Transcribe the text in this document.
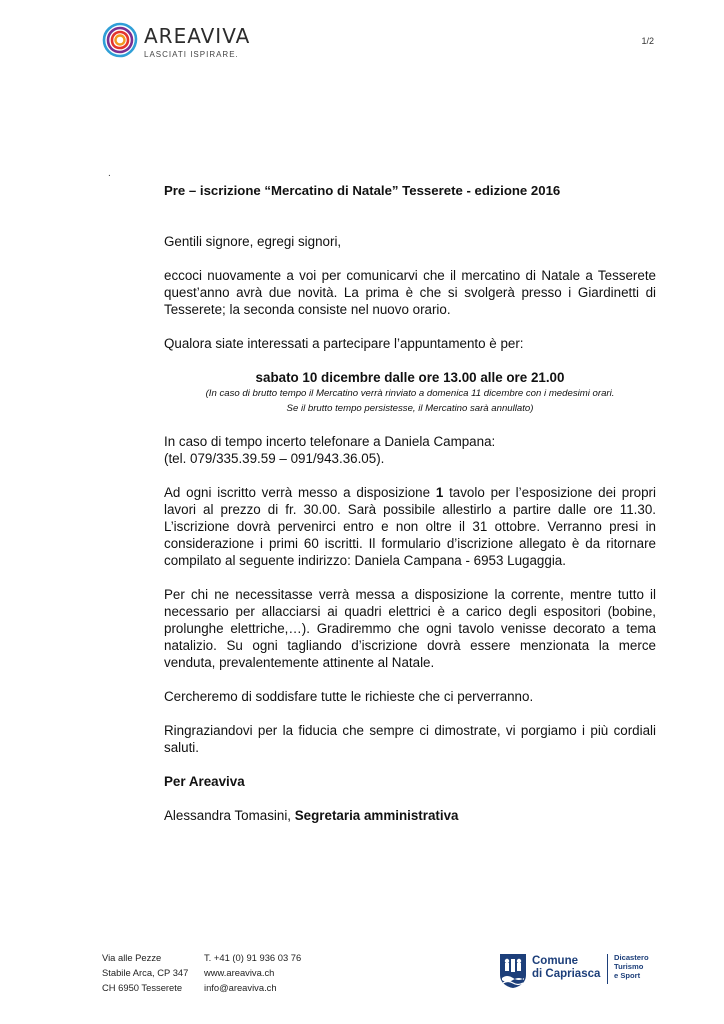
AREAVIVA
LASCIATI ISPIRARE.
1/2
.

Pre – iscrizione “Mercatino di Natale” Tesserete - edizione 2016

Gentili signore, egregi signori,

eccoci nuovamente a voi per comunicarvi che il mercatino di Natale a Tesserete quest’anno avrà due novità. La prima è che si svolgerà presso i Giardinetti di Tesserete; la seconda consiste nel nuovo orario.

Qualora siate interessati a partecipare l’appuntamento è per:

sabato 10 dicembre dalle ore 13.00 alle ore 21.00

(In caso di brutto tempo il Mercatino verrà rinviato a domenica 11 dicembre con i medesimi orari.

Se il brutto tempo persistesse, il Mercatino sarà annullato)

In caso di tempo incerto telefonare a Daniela Campana:

(tel. 079/335.39.59 – 091/943.36.05).

Ad ogni iscritto verrà messo a disposizione 1 tavolo per l’esposizione dei propri lavori al prezzo di fr. 30.00. Sarà possibile allestirlo a partire dalle ore 11.30. L’iscrizione dovrà pervenirci entro e non oltre il 31 ottobre. Verranno presi in considerazione i primi 60 iscritti. Il formulario d’iscrizione allegato è da ritornare compilato al seguente indirizzo: Daniela Campana - 6953 Lugaggia.

Per chi ne necessitasse verrà messa a disposizione la corrente, mentre tutto il necessario per allacciarsi ai quadri elettrici è a carico degli espositori (bobine, prolunghe elettriche,…). Gradiremmo che ogni tavolo venisse decorato a tema natalizio. Su ogni tagliando d’iscrizione dovrà essere menzionata la merce venduta, prevalentemente attinente al Natale.

Cercheremo di soddisfare tutte le richieste che ci perverranno.

Ringraziandovi per la fiducia che sempre ci dimostrate, vi porgiamo i più cordiali saluti.

Per Areaviva

Alessandra Tomasini, Segretaria amministrativa

Via alle Pezze
Stabile Arca, CP 347
CH 6950 Tesserete
T. +41 (0) 91 936 03 76
www.areaviva.ch
info@areaviva.ch
Comune
di Capriasca
Dicastero
Turismo
e Sport
